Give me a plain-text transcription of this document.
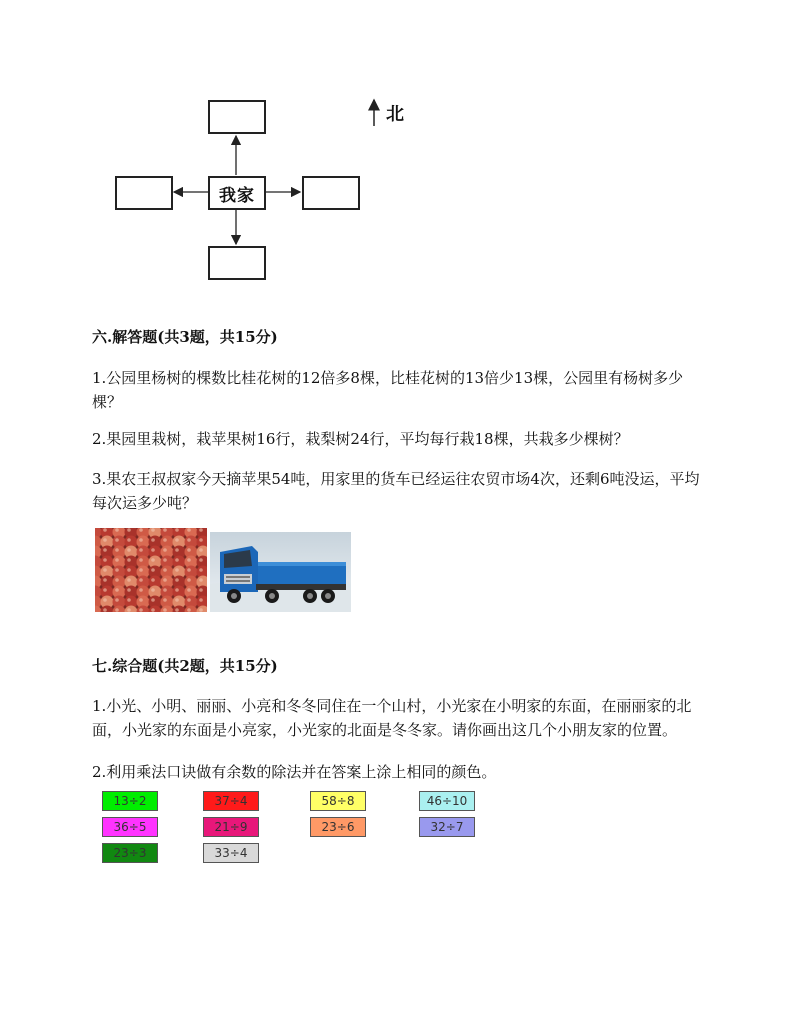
我家
北
六.解答题(共3题，共15分)
1.公园里杨树的棵数比桂花树的12倍多8棵，比桂花树的13倍少13棵，公园里有杨树多少棵？
2.果园里栽树，栽苹果树16行，栽梨树24行，平均每行栽18棵，共栽多少棵树？
3.果农王叔叔家今天摘苹果54吨，用家里的货车已经运往农贸市场4次，还剩6吨没运，平均每次运多少吨？
七.综合题(共2题，共15分)
1.小光、小明、丽丽、小亮和冬冬同住在一个山村，小光家在小明家的东面，在丽丽家的北面，小光家的东面是小亮家，小光家的北面是冬冬家。请你画出这几个小朋友家的位置。
2.利用乘法口诀做有余数的除法并在答案上涂上相同的颜色。
13÷2	37÷4	58÷8	46÷10
36÷5	21÷9	23÷6	32÷7
23÷3	33÷4
